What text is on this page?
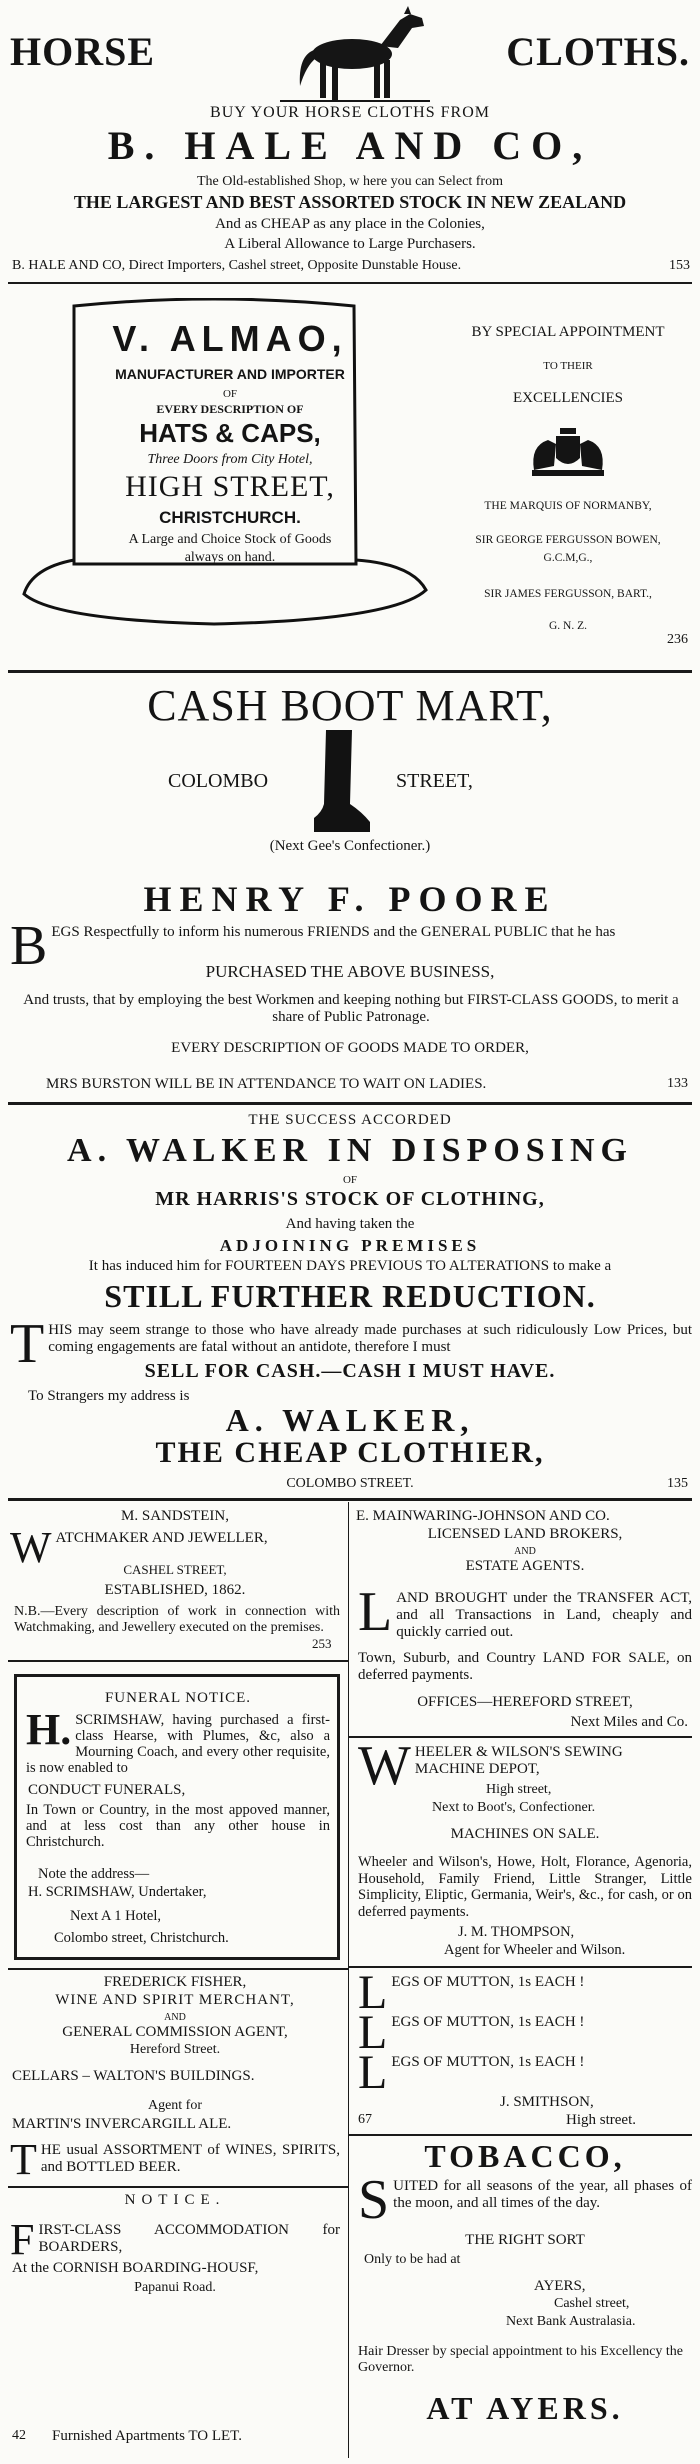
HORSE	CLOTHS.
BUY YOUR HORSE CLOTHS FROM
B. HALE AND CO,
The Old-established Shop, w here you can Select from
THE LARGEST AND BEST ASSORTED STOCK IN NEW ZEALAND
And as CHEAP as any place in the Colonies,
A Liberal Allowance to Large Purchasers.
B. HALE AND CO, Direct Importers, Cashel street, Opposite Dunstable House.	153
V. ALMAO,
MANUFACTURER AND IMPORTER
OF
EVERY DESCRIPTION OF
HATS & CAPS,
Three Doors from City Hotel,
HIGH STREET,
CHRISTCHURCH.
A Large and Choice Stock of Goods
always on hand.
BY SPECIAL APPOINTMENT
TO THEIR
EXCELLENCIES
THE MARQUIS OF NORMANBY,
SIR GEORGE FERGUSSON BOWEN,
G.C.M,G.,
SIR JAMES FERGUSSON, BART.,
G. N. Z.
236
CASH BOOT MART,
COLOMBO	STREET,
(Next Gee's Confectioner.)
HENRY F. POORE
BEGS Respectfully to inform his numerous FRIENDS and the GENERAL PUBLIC that he has
PURCHASED THE ABOVE BUSINESS,
And trusts, that by employing the best Workmen and keeping nothing but FIRST-CLASS GOODS, to merit a share of Public Patronage.
EVERY DESCRIPTION OF GOODS MADE TO ORDER,
MRS BURSTON WILL BE IN ATTENDANCE TO WAIT ON LADIES.	133
THE SUCCESS ACCORDED
A. WALKER IN DISPOSING
OF
MR HARRIS'S STOCK OF CLOTHING,
And having taken the
ADJOINING PREMISES
It has induced him for FOURTEEN DAYS PREVIOUS TO ALTERATIONS to make a
STILL FURTHER REDUCTION.
THIS may seem strange to those who have already made purchases at such ridiculously Low Prices, but coming engagements are fatal without an antidote, therefore I must
SELL FOR CASH.—CASH I MUST HAVE.
To Strangers my address is
A. WALKER,
THE CHEAP CLOTHIER,
COLOMBO STREET.	135
M. SANDSTEIN,
WATCHMAKER AND JEWELLER,
CASHEL STREET,
ESTABLISHED, 1862.
N.B.—Every description of work in connection with Watchmaking, and Jewellery executed on the premises.
253
FUNERAL NOTICE.
H. SCRIMSHAW, having purchased a first-class Hearse, with Plumes, &c, also a Mourning Coach, and every other requisite, is now enabled to
CONDUCT FUNERALS,
In Town or Country, in the most appoved manner, and at less cost than any other house in Christchurch.
Note the address—
H. SCRIMSHAW, Undertaker,
Next A 1 Hotel,
Colombo street, Christchurch.
FREDERICK FISHER,
WINE AND SPIRIT MERCHANT,
AND
GENERAL COMMISSION AGENT,
Hereford Street.
CELLARS – WALTON'S BUILDINGS.
Agent for
MARTIN'S INVERCARGILL ALE.
THE usual ASSORTMENT of WINES, SPIRITS, and BOTTLED BEER.
NOTICE.
FIRST-CLASS ACCOMMODATION for BOARDERS,
At the CORNISH BOARDING-HOUSF,
Papanui Road.
42 Furnished Apartments TO LET.
E. MAINWARING-JOHNSON AND CO.
LICENSED LAND BROKERS,
AND
ESTATE AGENTS.
LAND BROUGHT under the TRANSFER ACT, and all Transactions in Land, cheaply and quickly carried out.
Town, Suburb, and Country LAND FOR SALE, on deferred payments.
OFFICES—HEREFORD STREET,
Next Miles and Co.
WHEELER & WILSON'S SEWING MACHINE DEPOT,
High street,
Next to Boot's, Confectioner.
MACHINES ON SALE.
Wheeler and Wilson's, Howe, Holt, Florance, Agenoria, Household, Family Friend, Little Stranger, Little Simplicity, Eliptic, Germania, Weir's, &c., for cash, or on deferred payments.
J. M. THOMPSON,
Agent for Wheeler and Wilson.
LEGS OF MUTTON, 1s EACH !
LEGS OF MUTTON, 1s EACH !
LEGS OF MUTTON, 1s EACH !
J. SMITHSON,
67	High street.
TOBACCO,
SUITED for all seasons of the year, all phases of the moon, and all times of the day.
THE RIGHT SORT
Only to be had at
AYERS,
Cashel street,
Next Bank Australasia.
Hair Dresser by special appointment to his Excellency the Governor.
AT AYERS.
